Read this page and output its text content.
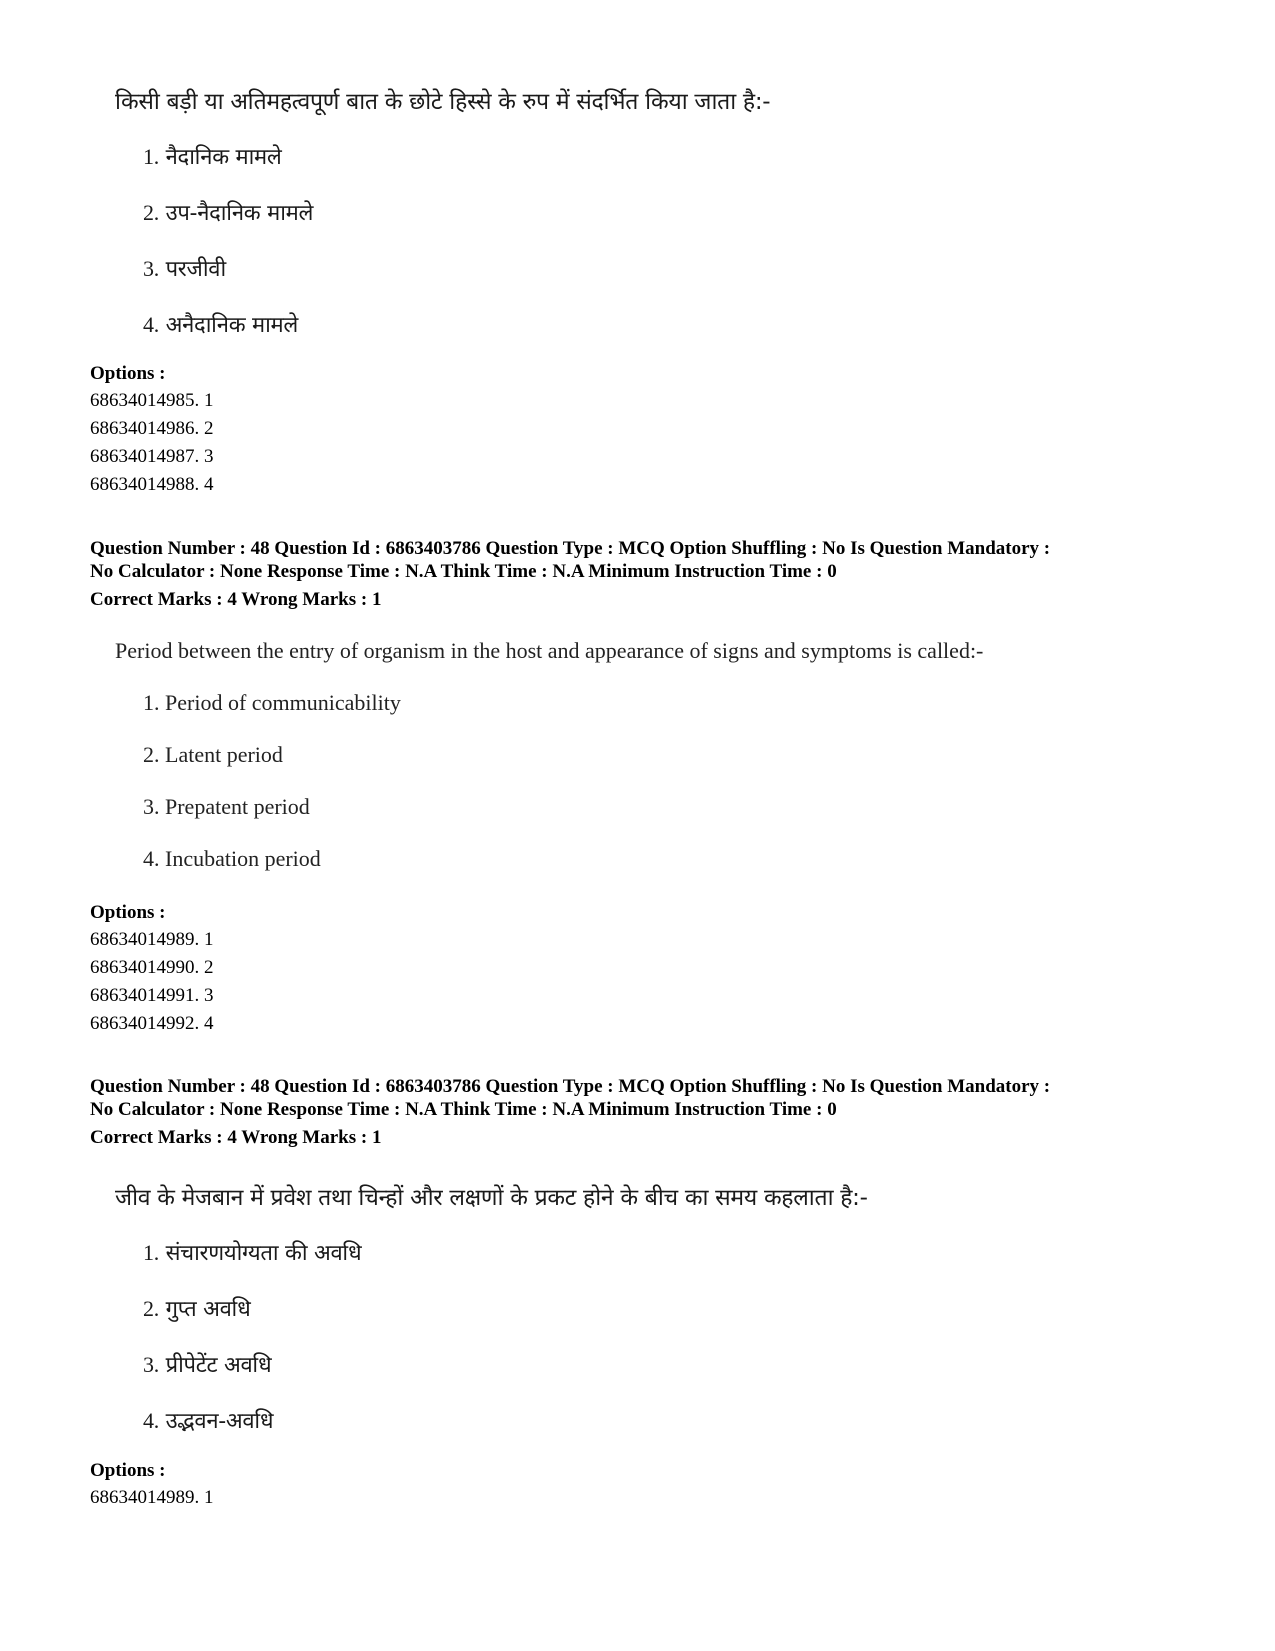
किसी बड़ी या अतिमहत्वपूर्ण बात के छोटे हिस्से के रुप में संदर्भित किया जाता है:-
1. नैदानिक मामले
2. उप-नैदानिक मामले
3. परजीवी
4. अनैदानिक मामले
Options :
68634014985. 1
68634014986. 2
68634014987. 3
68634014988. 4
Question Number : 48 Question Id : 6863403786 Question Type : MCQ Option Shuffling : No Is Question Mandatory :
No Calculator : None Response Time : N.A Think Time : N.A Minimum Instruction Time : 0
Correct Marks : 4 Wrong Marks : 1
Period between the entry of organism in the host and appearance of signs and symptoms is called:-
1. Period of communicability
2. Latent period
3. Prepatent period
4. Incubation period
Options :
68634014989. 1
68634014990. 2
68634014991. 3
68634014992. 4
Question Number : 48 Question Id : 6863403786 Question Type : MCQ Option Shuffling : No Is Question Mandatory :
No Calculator : None Response Time : N.A Think Time : N.A Minimum Instruction Time : 0
Correct Marks : 4 Wrong Marks : 1
जीव के मेजबान में प्रवेश तथा चिन्हों और लक्षणों के प्रकट होने के बीच का समय कहलाता है:-
1. संचारणयोग्यता की अवधि
2. गुप्त अवधि
3. प्रीपेटेंट अवधि
4. उद्भवन-अवधि
Options :
68634014989. 1
